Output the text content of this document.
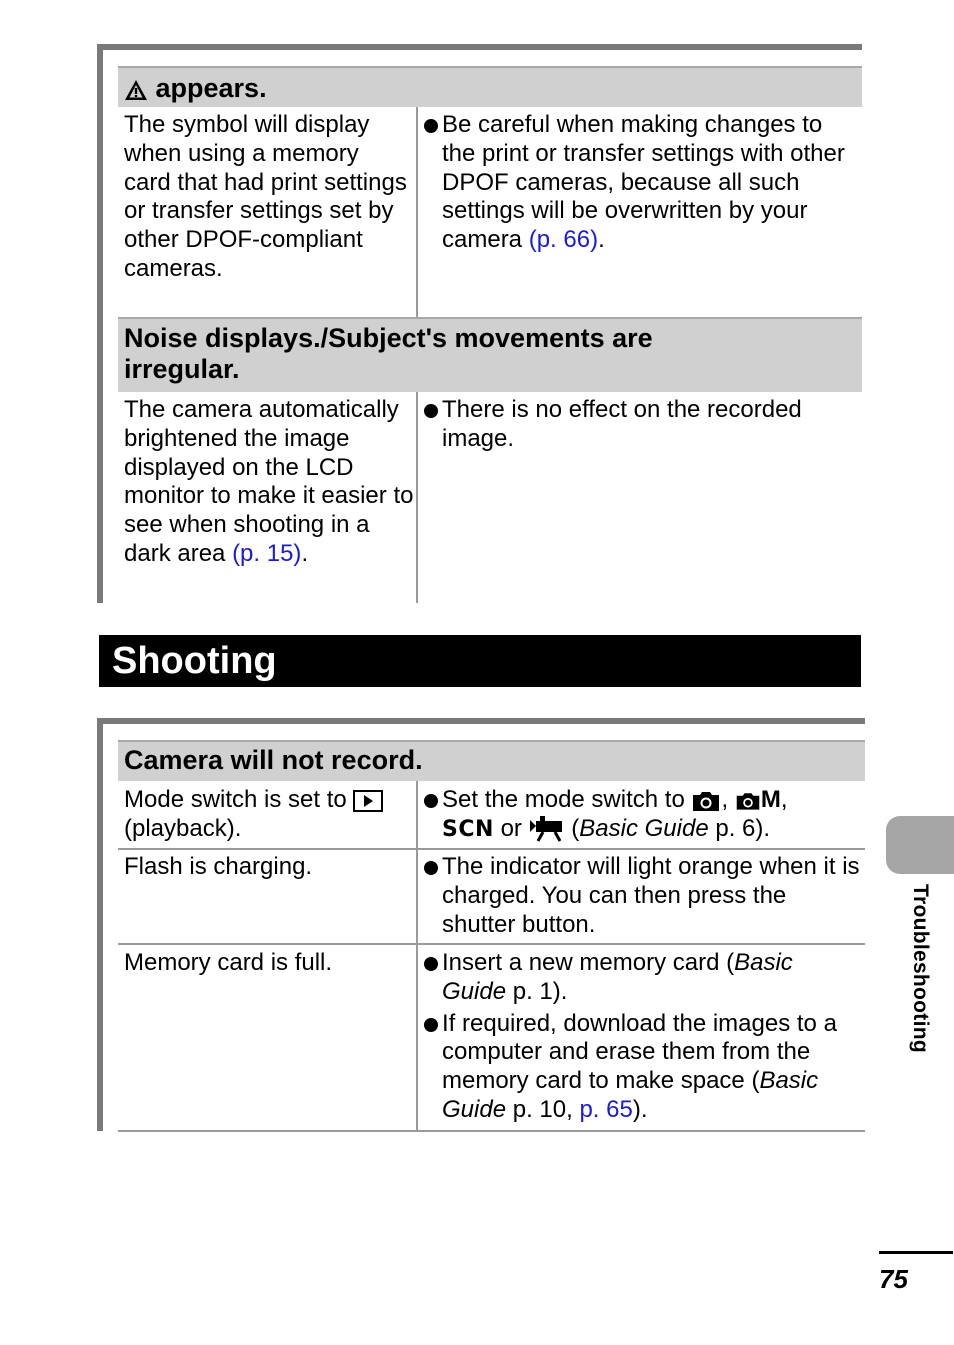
appears.
The symbol will display when using a memory card that had print settings or transfer settings set by other DPOF-compliant cameras.
Be careful when making changes to the print or transfer settings with other DPOF cameras, because all such settings will be overwritten by your camera (p. 66).
Noise displays./Subject's movements are
irregular.
The camera automatically brightened the image displayed on the LCD monitor to make it easier to see when shooting in a dark area (p. 15).
There is no effect on the recorded image.
Shooting
Camera will not record.
Mode switch is set to

(playback).
Set the mode switch to , M,
SCN or (Basic Guide p. 6).
Flash is charging.	The indicator will light orange when it is charged. You can then press the shutter button.
Memory card is full.	Insert a new memory card (Basic Guide p. 1).
If required, download the images to a computer and erase them from the memory card to make space (Basic Guide p. 10, p. 65).
Troubleshooting
75
